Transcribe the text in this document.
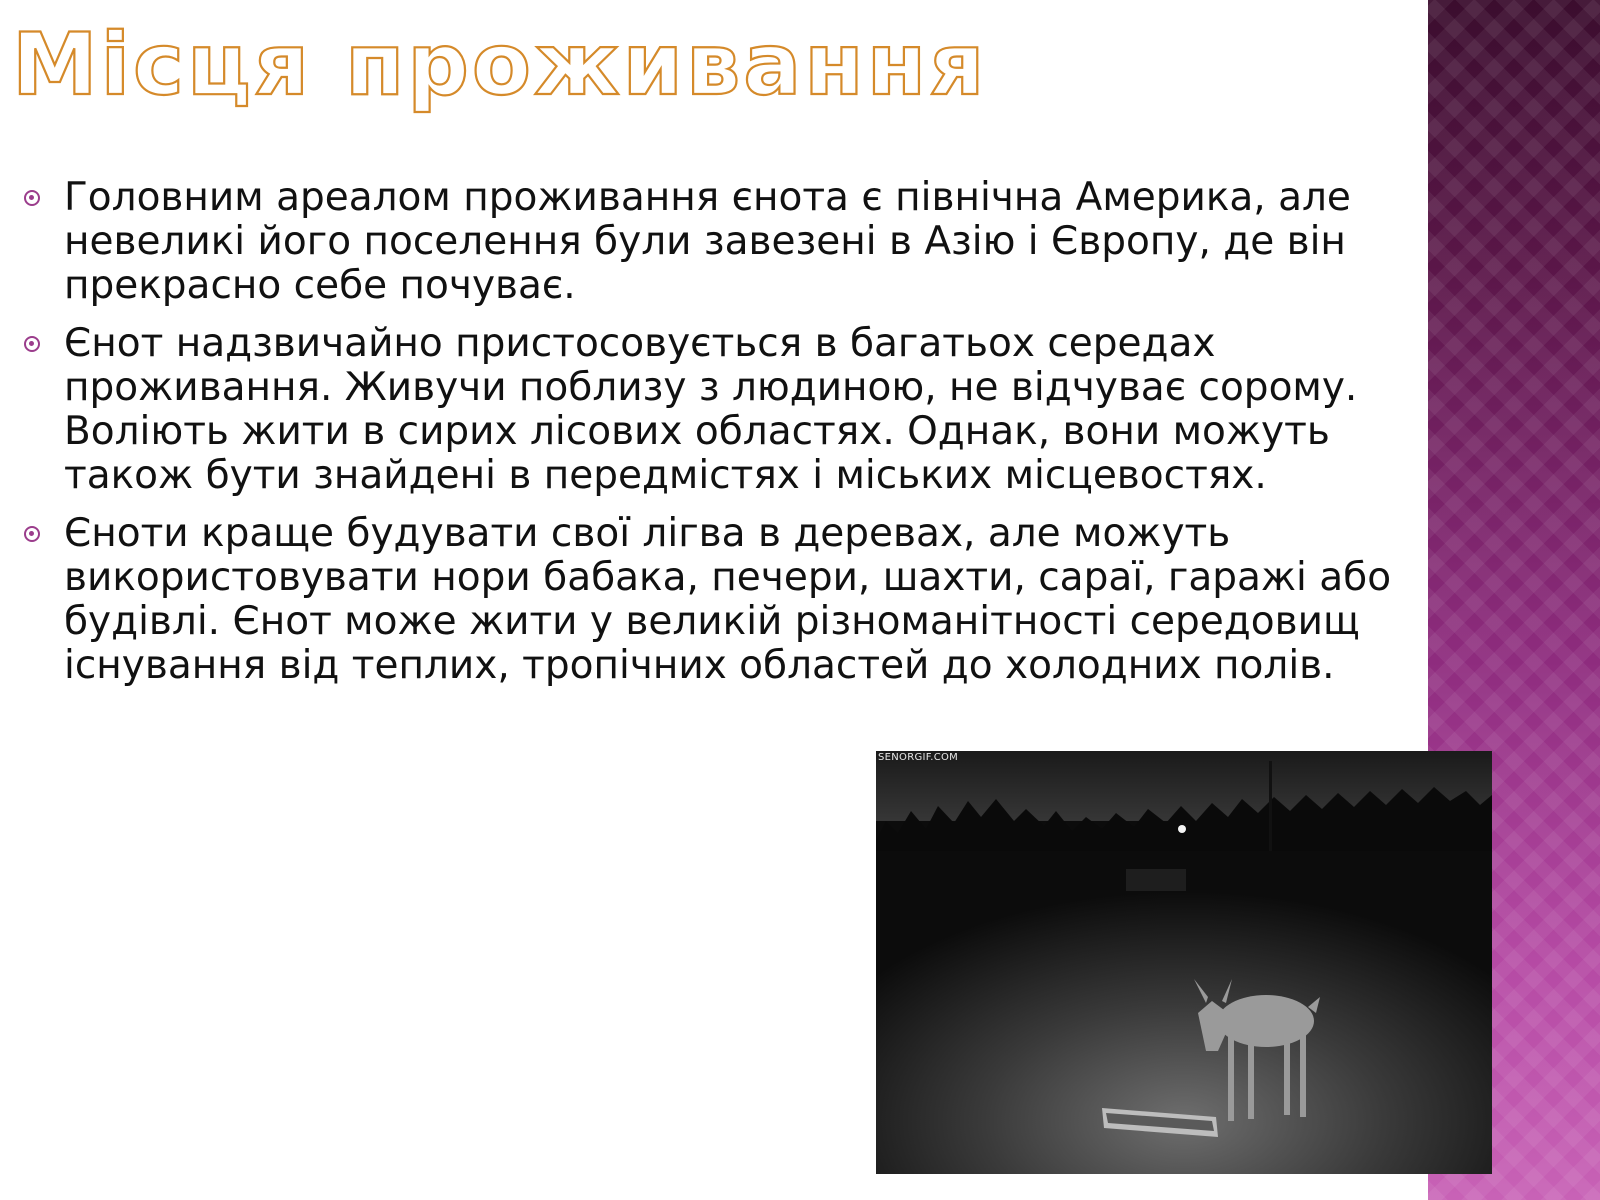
Місця проживання
Головним ареалом проживання єнота є північна Америка, але невеликі його поселення були завезені в Азію і Європу, де він прекрасно себе почуває.
Єнот надзвичайно пристосовується в багатьох середах проживання. Живучи поблизу з людиною, не відчуває сорому. Воліють жити в сирих лісових областях. Однак, вони можуть також бути знайдені в передмістях і міських місцевостях.
Єноти краще будувати свої лігва в деревах, але можуть використовувати нори бабака, печери, шахти, сараї, гаражі або будівлі. Єнот може жити у великій різноманітності середовищ існування від теплих, тропічних областей до холодних полів.
SENORGIF.COM
